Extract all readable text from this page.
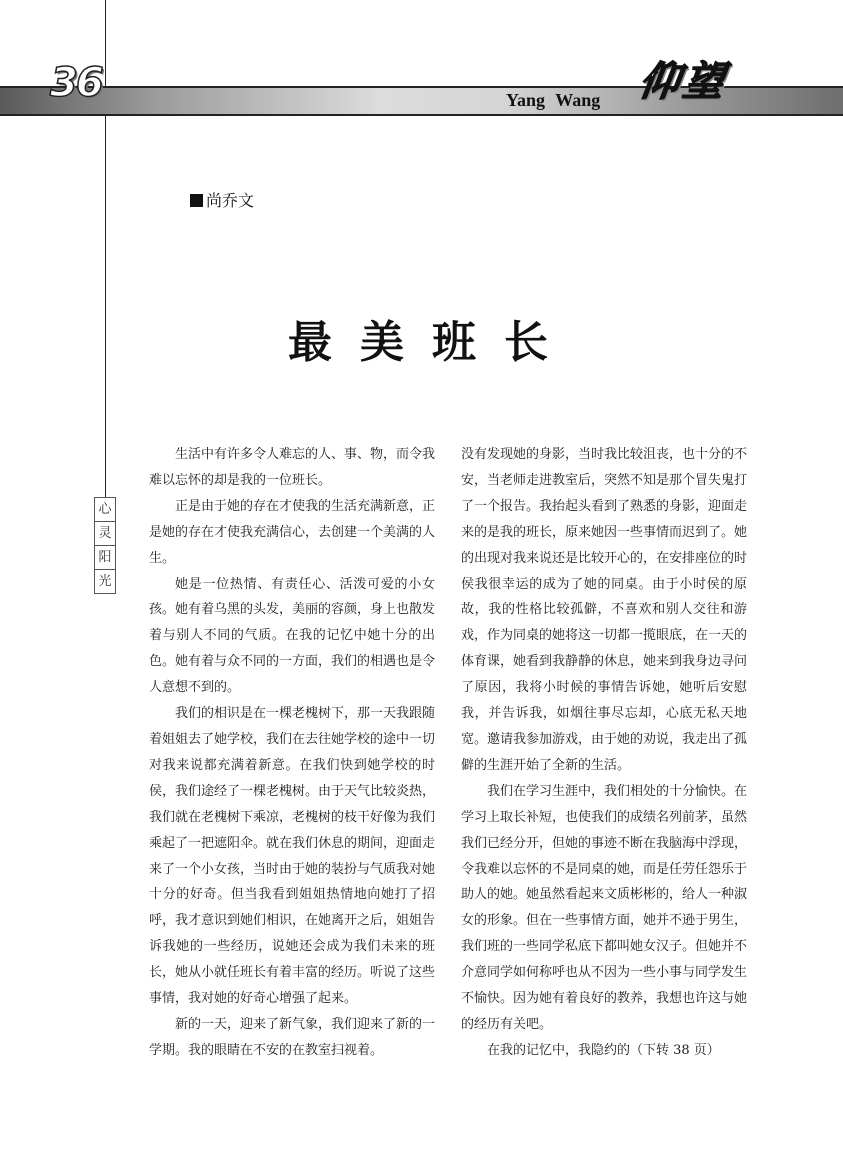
36	Yang Wang 仰望
尚乔文
最美班长
心
灵
阳
光

生活中有许多令人难忘的人、事、物，而令我难以忘怀的却是我的一位班长。

正是由于她的存在才使我的生活充满新意，正是她的存在才使我充满信心，去创建一个美满的人生。

她是一位热情、有责任心、活泼可爱的小女孩。她有着乌黑的头发，美丽的容颜，身上也散发着与别人不同的气质。在我的记忆中她十分的出色。她有着与众不同的一方面，我们的相遇也是令人意想不到的。

我们的相识是在一棵老槐树下，那一天我跟随着姐姐去了她学校，我们在去往她学校的途中一切对我来说都充满着新意。在我们快到她学校的时侯，我们途经了一棵老槐树。由于天气比较炎热，我们就在老槐树下乘凉，老槐树的枝干好像为我们乘起了一把遮阳伞。就在我们休息的期间，迎面走来了一个小女孩，当时由于她的装扮与气质我对她十分的好奇。但当我看到姐姐热情地向她打了招呼，我才意识到她们相识，在她离开之后，姐姐告诉我她的一些经历，说她还会成为我们未来的班长，她从小就任班长有着丰富的经历。听说了这些事情，我对她的好奇心增强了起来。

新的一天，迎来了新气象，我们迎来了新的一学期。我的眼睛在不安的在教室扫视着。

没有发现她的身影，当时我比较沮丧，也十分的不安，当老师走进教室后，突然不知是那个冒失鬼打了一个报告。我抬起头看到了熟悉的身影，迎面走来的是我的班长，原来她因一些事情而迟到了。她的出现对我来说还是比较开心的，在安排座位的时侯我很幸运的成为了她的同桌。由于小时侯的原故，我的性格比较孤僻，不喜欢和别人交往和游戏，作为同桌的她将这一切都一揽眼底，在一天的体育课，她看到我静静的休息，她来到我身边寻问了原因，我将小时候的事情告诉她，她听后安慰我，并告诉我，如烟往事尽忘却，心底无私天地宽。邀请我参加游戏，由于她的劝说，我走出了孤僻的生涯开始了全新的生活。

我们在学习生涯中，我们相处的十分愉快。在学习上取长补短，也使我们的成绩名列前茅，虽然我们已经分开，但她的事迹不断在我脑海中浮现，令我难以忘怀的不是同桌的她，而是任劳任怨乐于助人的她。她虽然看起来文质彬彬的，给人一种淑女的形象。但在一些事情方面，她并不逊于男生，我们班的一些同学私底下都叫她女汉子。但她并不介意同学如何称呼也从不因为一些小事与同学发生不愉快。因为她有着良好的教养，我想也许这与她的经历有关吧。

在我的记忆中，我隐约的（下转 38 页）
